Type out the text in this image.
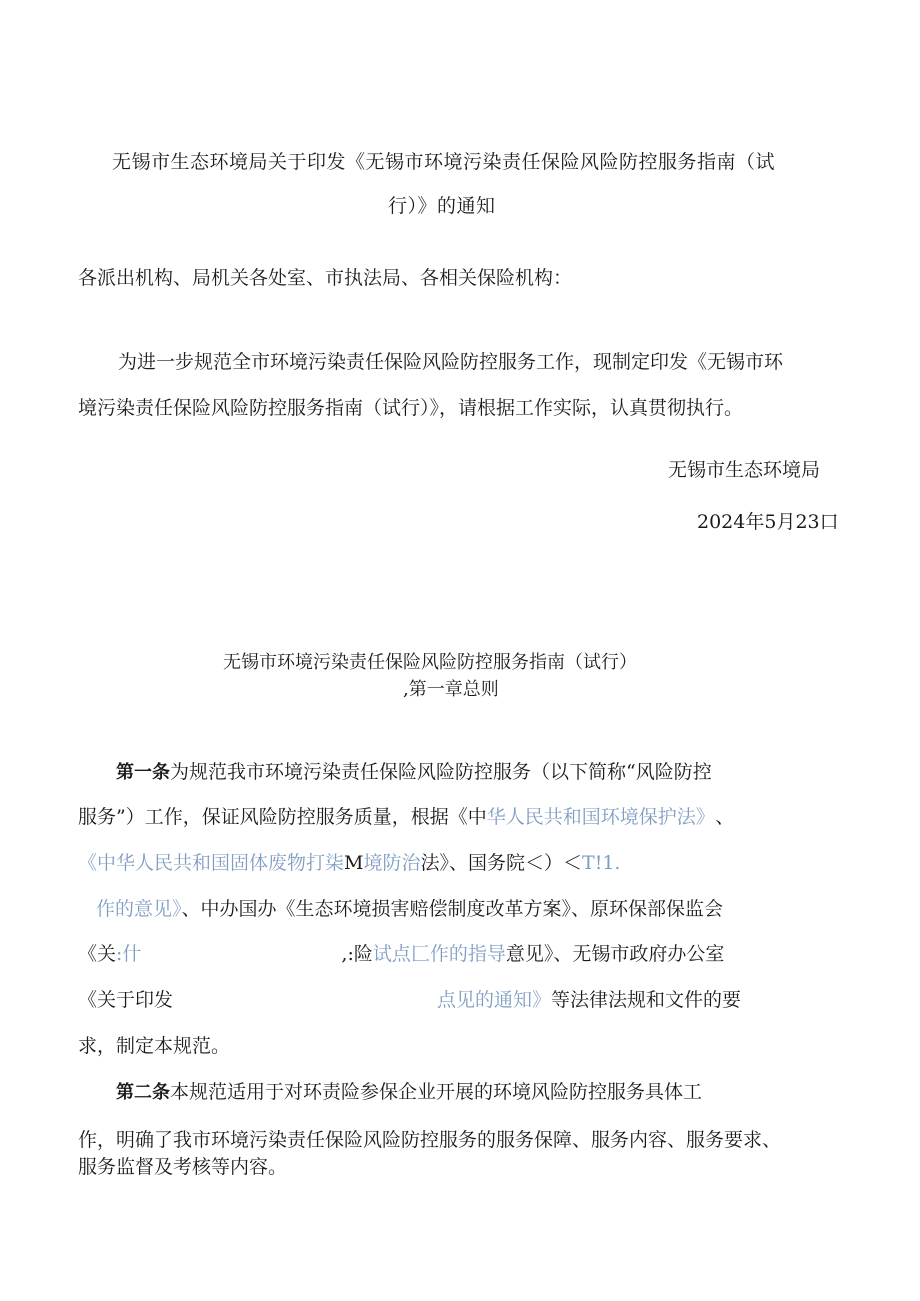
无锡市生态环境局关于印发《无锡市环境污染责任保险风险防控服务指南（试
行）》的通知
各派出机构、局机关各处室、市执法局、各相关保险机构：
为进一步规范全市环境污染责任保险风险防控服务工作，现制定印发《无锡市环
境污染责任保险风险防控服务指南（试行）》，请根据工作实际，认真贯彻执行。
无锡市生态环境局
2024年5月23口
无锡市环境污染责任保险风险防控服务指南（试行）
,第一章总则
第一条为规范我市环境污染责任保险风险防控服务（以下简称“风险防控
服务”）工作，保证风险防控服务质量，根据《中华人民共和国环境保护法》 、
《中华人民共和国固体废物打柒M境防治法》、国务院＜）＜T!1.
作的意见》、中办国办《生态环境损害赔偿制度改革方案》、原环保部保监会
《关:什	,:险试点匚作的指导意见》、无锡市政府办公室
《关于印发	点见的通知》等法律法规和文件的要
求，制定本规范。
第二条本规范适用于对环责险参保企业开展的环境风险防控服务具体工
作，明确了我市环境污染责任保险风险防控服务的服务保障、服务内容、服务要求、
服务监督及考核等内容。
